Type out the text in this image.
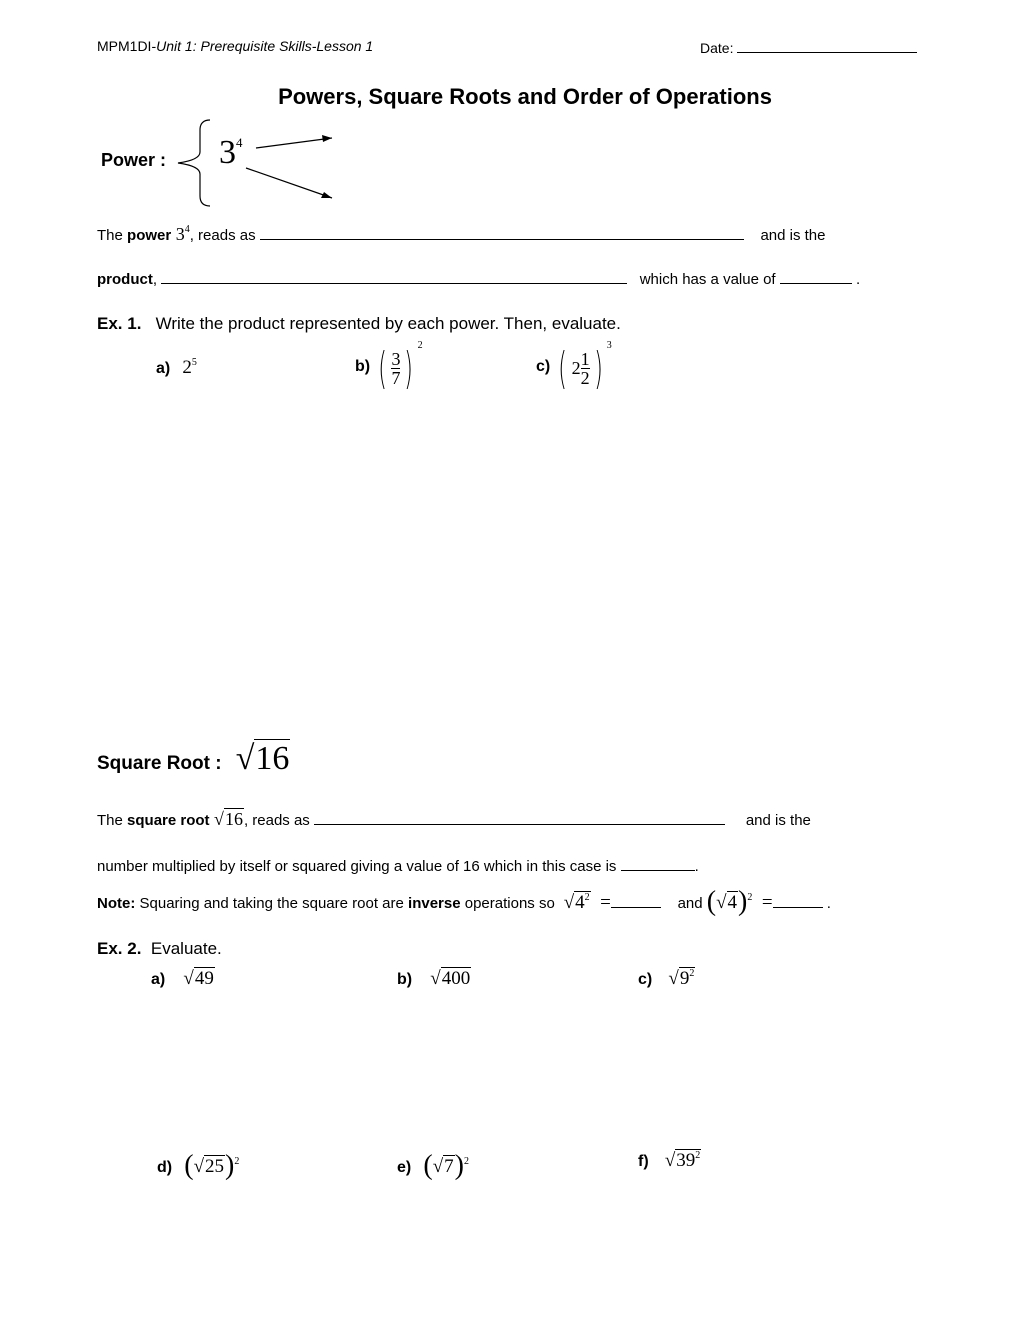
MPM1DI-Unit 1: Prerequisite Skills-Lesson 1	Date:
Powers, Square Roots and Order of Operations
Power : $3^4$
The power $3^4$, reads as	and is the
product,	which has a value of	.
Ex. 1. Write the product represented by each power. Then, evaluate.
a) $2^5$	b) ( $\frac{3}{7}$ ) $^2$
c) ( $2 \frac{1}{2}$ ) $^3$
Square Root : √16
The square root √16, reads as	and is the
number multiplied by itself or squared giving a value of 16 which in this case is	.
Note: Squaring and taking the square root are inverse operations so  $√4^2$ =	and $(√4)^2$ =	.
Ex. 2. Evaluate.
a) √49	b) √400	c) $√9^2$
d) $(√25)^2$	e) $(√7)^2$	f) $√39^2$
